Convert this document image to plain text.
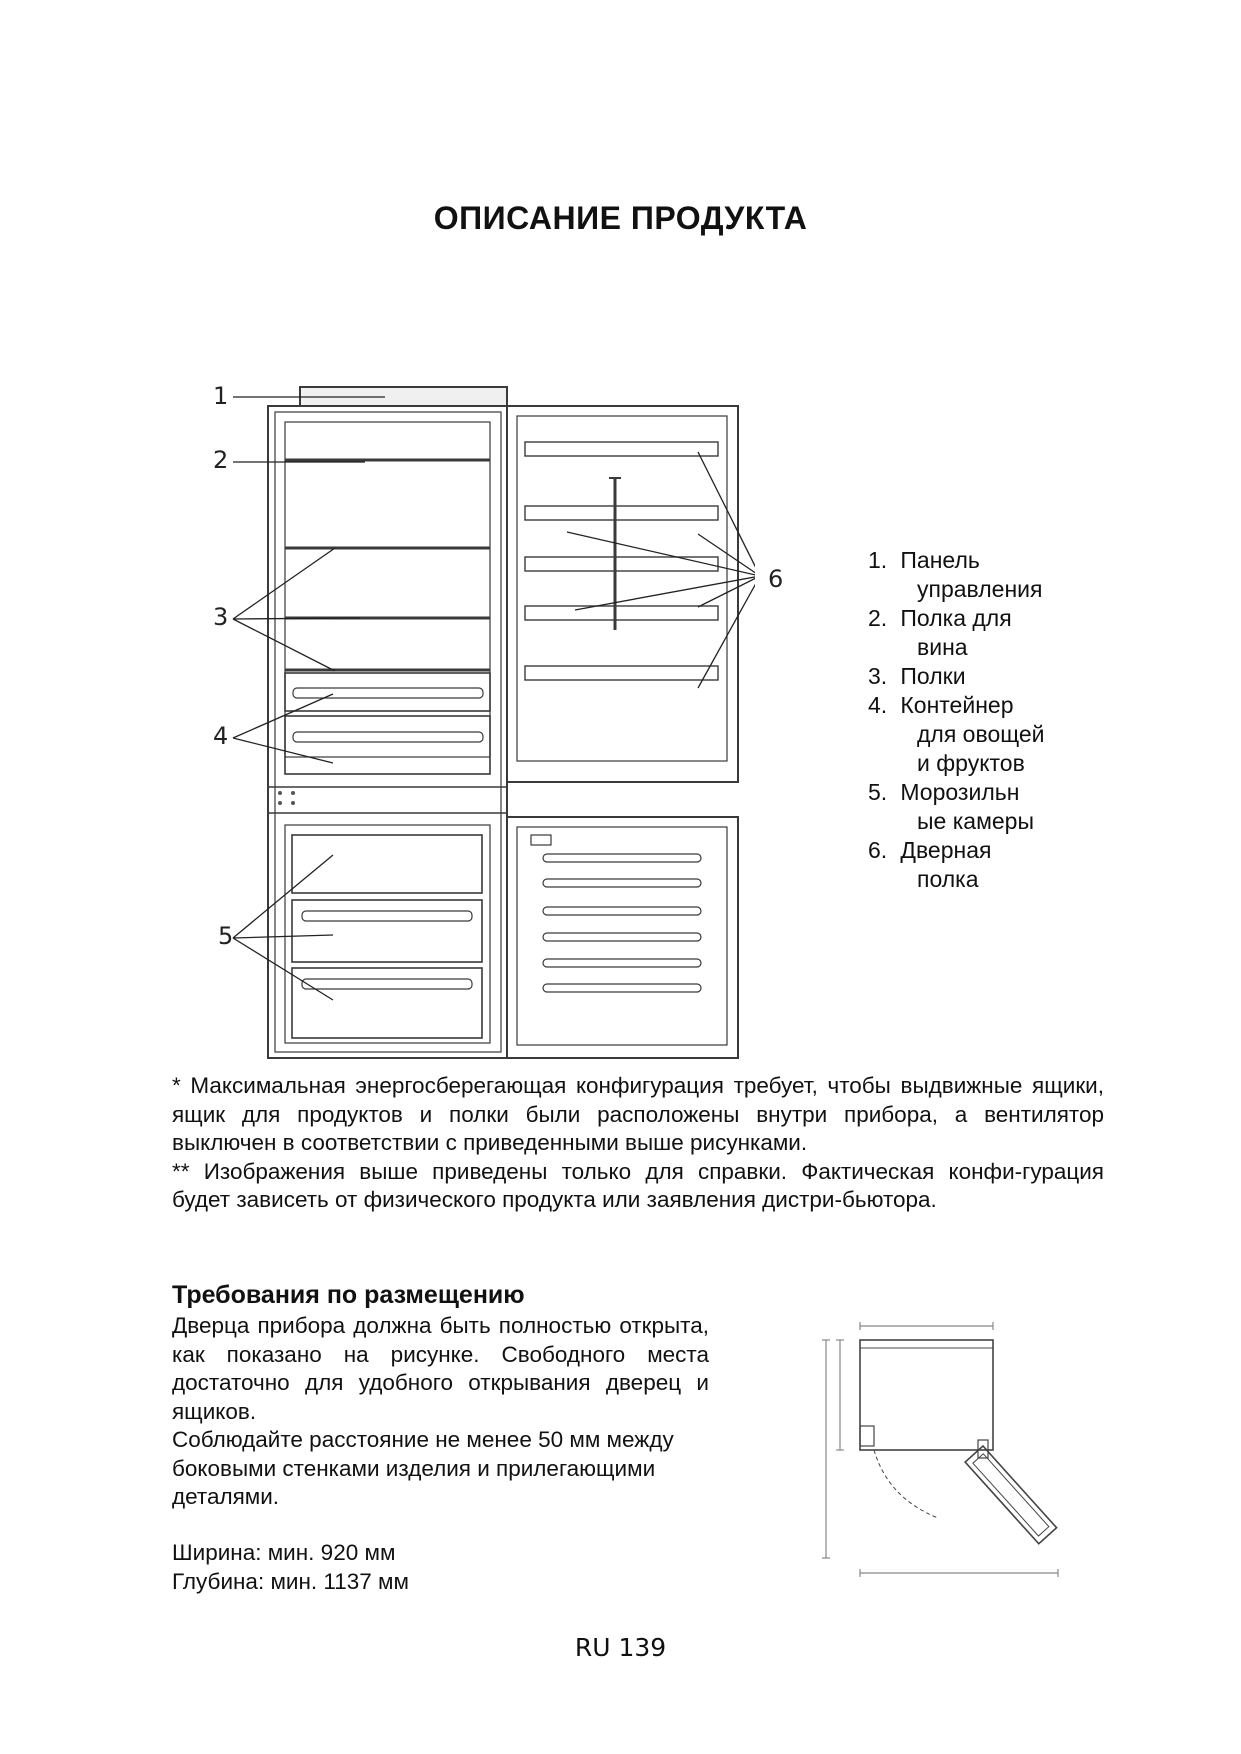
ОПИСАНИЕ ПРОДУКТА
1
2
3
4
5
6
1. Панель
управления
2. Полка для
вина
3. Полки
4. Контейнер
для овощей
и фруктов
5. Морозильн
ые камеры
6. Дверная
полка

* Максимальная энергосберегающая конфигурация требует, чтобы выдвижные ящики, ящик для продуктов и полки были расположены внутри прибора, а вентилятор выключен в соответствии с приведенными выше рисунками.

** Изображения выше приведены только для справки. Фактическая конфи-гурация будет зависеть от физического продукта или заявления дистри-бьютора.

Требования по размещению

Дверца прибора должна быть полностью открыта, как показано на рисунке. Свободного места достаточно для удобного открывания дверец и ящиков.

Соблюдайте расстояние не менее 50 мм между боковыми стенками изделия и прилегающими деталями.

Ширина: мин. 920 мм
Глубина: мин. 1137 мм
RU 139
